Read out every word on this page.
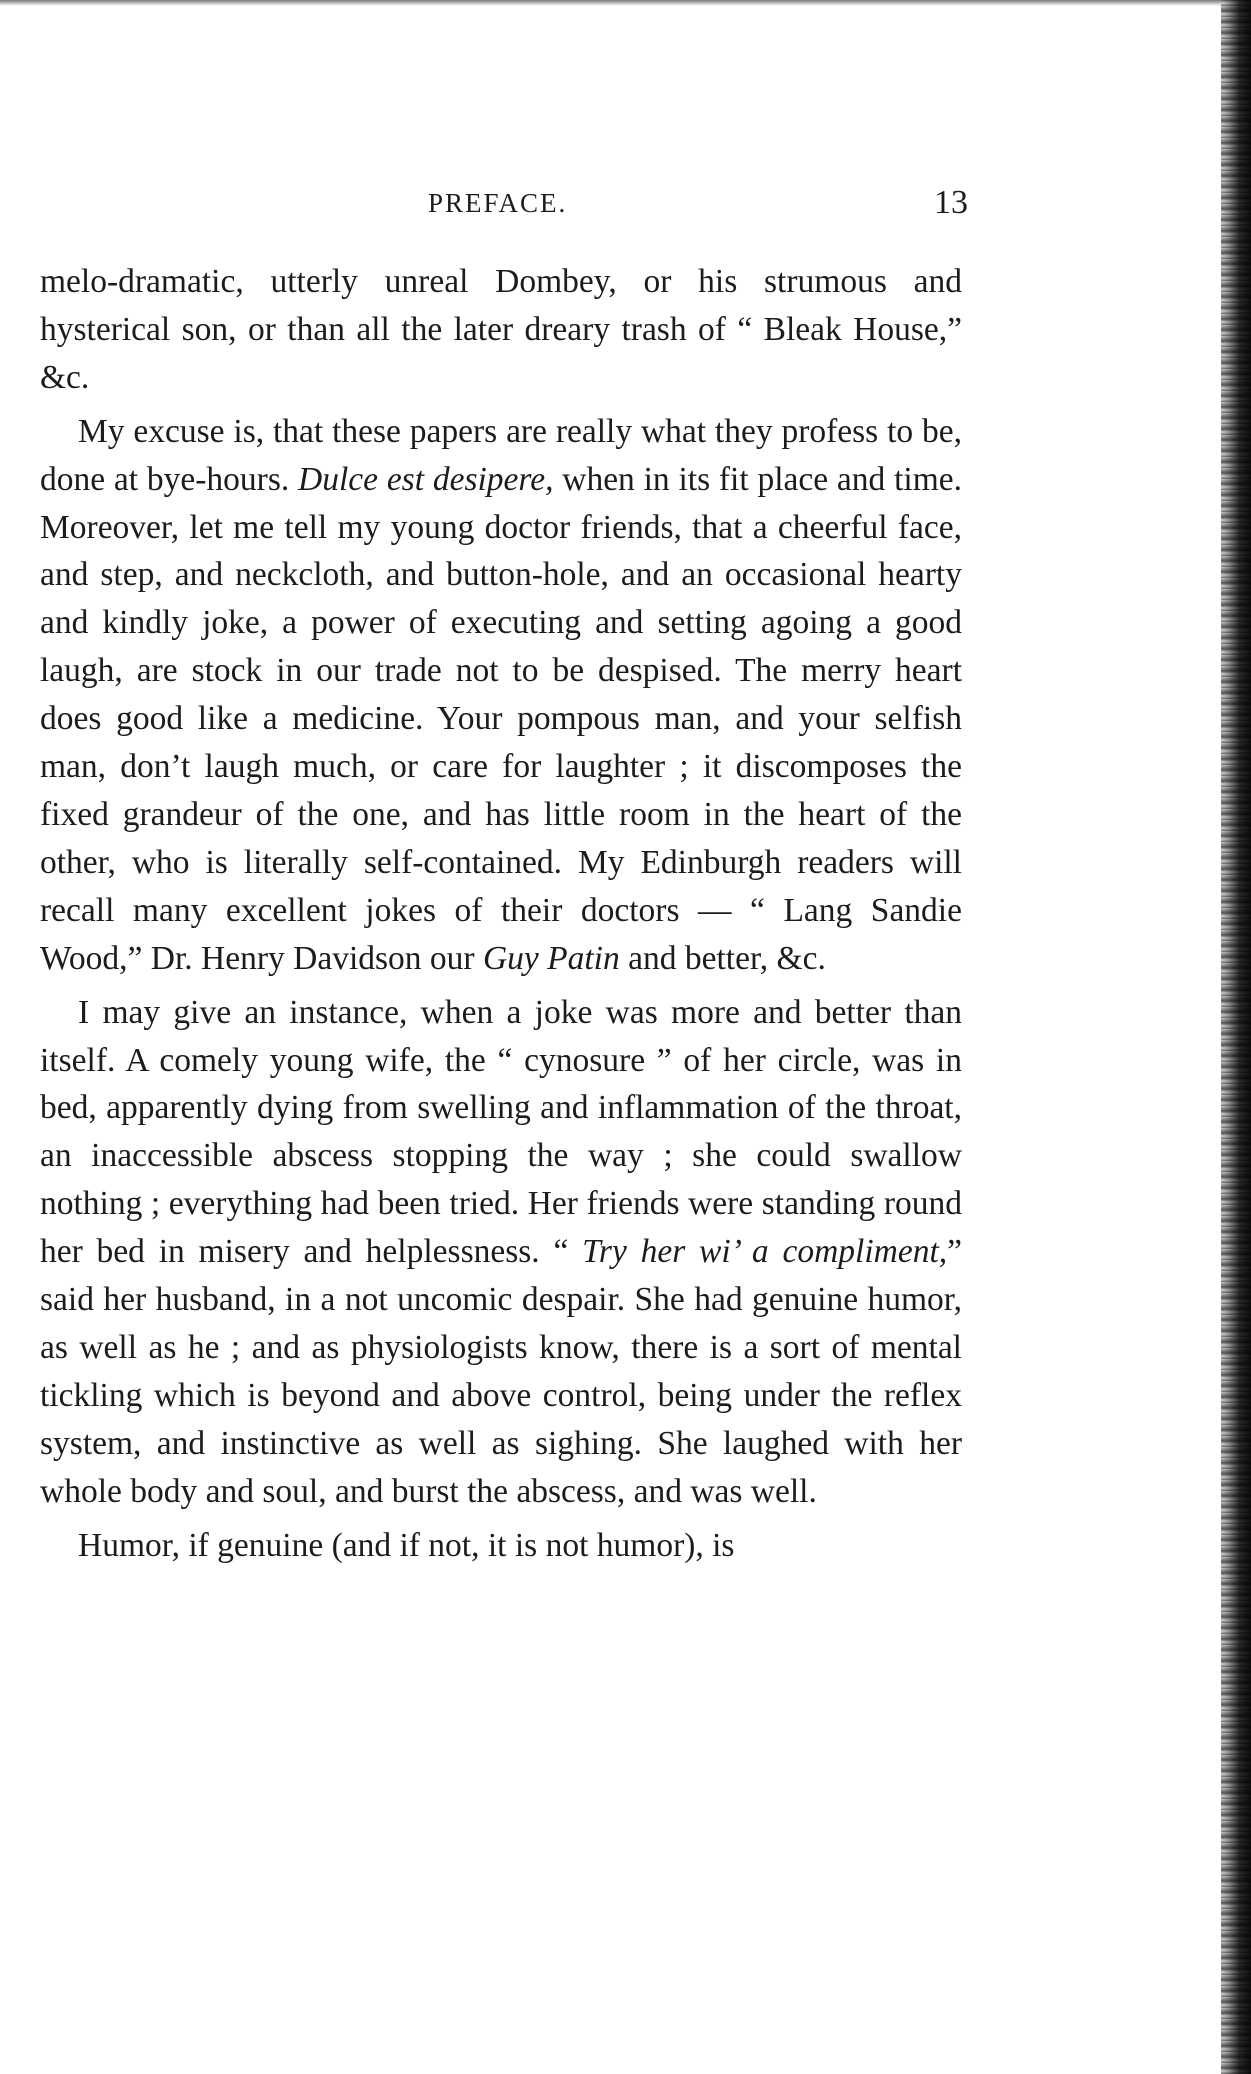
PREFACE.	13

melo-dramatic, utterly unreal Dombey, or his strumous and hysterical son, or than all the later dreary trash of “ Bleak House,” &c.

My excuse is, that these papers are really what they profess to be, done at bye-hours. Dulce est desipere, when in its fit place and time. Moreover, let me tell my young doctor friends, that a cheerful face, and step, and neckcloth, and button-hole, and an occasional hearty and kindly joke, a power of executing and setting agoing a good laugh, are stock in our trade not to be despised. The merry heart does good like a medicine. Your pompous man, and your selfish man, don’t laugh much, or care for laughter ; it discomposes the fixed grandeur of the one, and has little room in the heart of the other, who is literally self-contained. My Edinburgh readers will recall many excellent jokes of their doctors — “ Lang Sandie Wood,” Dr. Henry Davidson our Guy Patin and better, &c.

I may give an instance, when a joke was more and better than itself. A comely young wife, the “ cynosure ” of her circle, was in bed, apparently dying from swelling and inflammation of the throat, an inaccessible abscess stopping the way ; she could swallow nothing ; everything had been tried. Her friends were standing round her bed in misery and helplessness. “ Try her wi’ a compliment,” said her husband, in a not uncomic despair. She had genuine humor, as well as he ; and as physiologists know, there is a sort of mental tickling which is beyond and above control, being under the reflex system, and instinctive as well as sighing. She laughed with her whole body and soul, and burst the abscess, and was well.

Humor, if genuine (and if not, it is not humor), is
